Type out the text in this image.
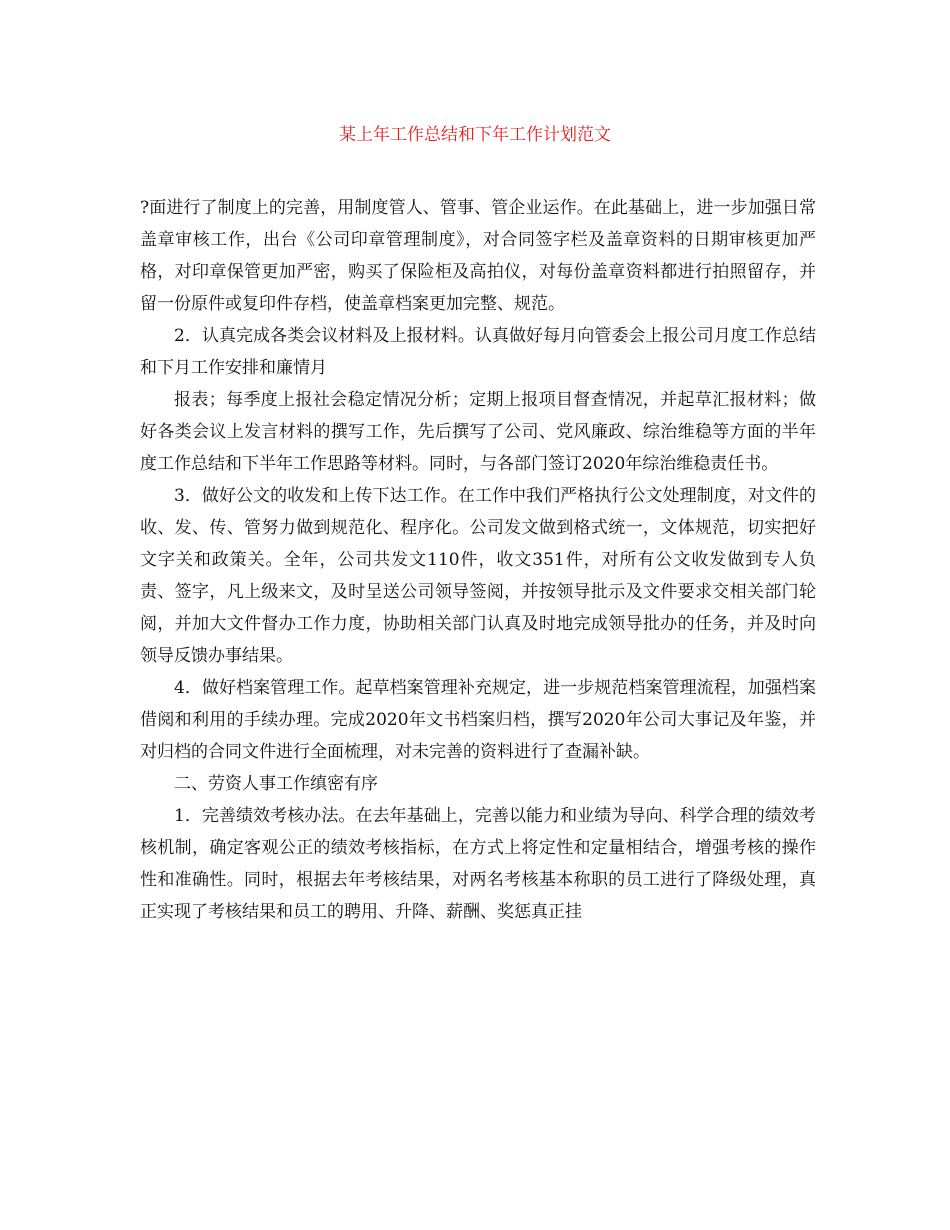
某上年工作总结和下年工作计划范文

?面进行了制度上的完善，用制度管人、管事、管企业运作。在此基础上，进一步加强日常盖章审核工作，出台《公司印章管理制度》，对合同签字栏及盖章资料的日期审核更加严格，对印章保管更加严密，购买了保险柜及高拍仪，对每份盖章资料都进行拍照留存，并留一份原件或复印件存档，使盖章档案更加完整、规范。

2．认真完成各类会议材料及上报材料。认真做好每月向管委会上报公司月度工作总结和下月工作安排和廉情月

报表；每季度上报社会稳定情况分析；定期上报项目督查情况，并起草汇报材料；做好各类会议上发言材料的撰写工作，先后撰写了公司、党风廉政、综治维稳等方面的半年度工作总结和下半年工作思路等材料。同时，与各部门签订2020年综治维稳责任书。

3．做好公文的收发和上传下达工作。在工作中我们严格执行公文处理制度，对文件的收、发、传、管努力做到规范化、程序化。公司发文做到格式统一，文体规范，切实把好文字关和政策关。全年，公司共发文110件，收文351件，对所有公文收发做到专人负责、签字，凡上级来文，及时呈送公司领导签阅，并按领导批示及文件要求交相关部门轮阅，并加大文件督办工作力度，协助相关部门认真及时地完成领导批办的任务，并及时向领导反馈办事结果。

4．做好档案管理工作。起草档案管理补充规定，进一步规范档案管理流程，加强档案借阅和利用的手续办理。完成2020年文书档案归档，撰写2020年公司大事记及年鉴，并对归档的合同文件进行全面梳理，对未完善的资料进行了查漏补缺。

二、劳资人事工作缜密有序

1．完善绩效考核办法。在去年基础上，完善以能力和业绩为导向、科学合理的绩效考核机制，确定客观公正的绩效考核指标，在方式上将定性和定量相结合，增强考核的操作性和准确性。同时，根据去年考核结果，对两名考核基本称职的员工进行了降级处理，真正实现了考核结果和员工的聘用、升降、薪酬、奖惩真正挂
